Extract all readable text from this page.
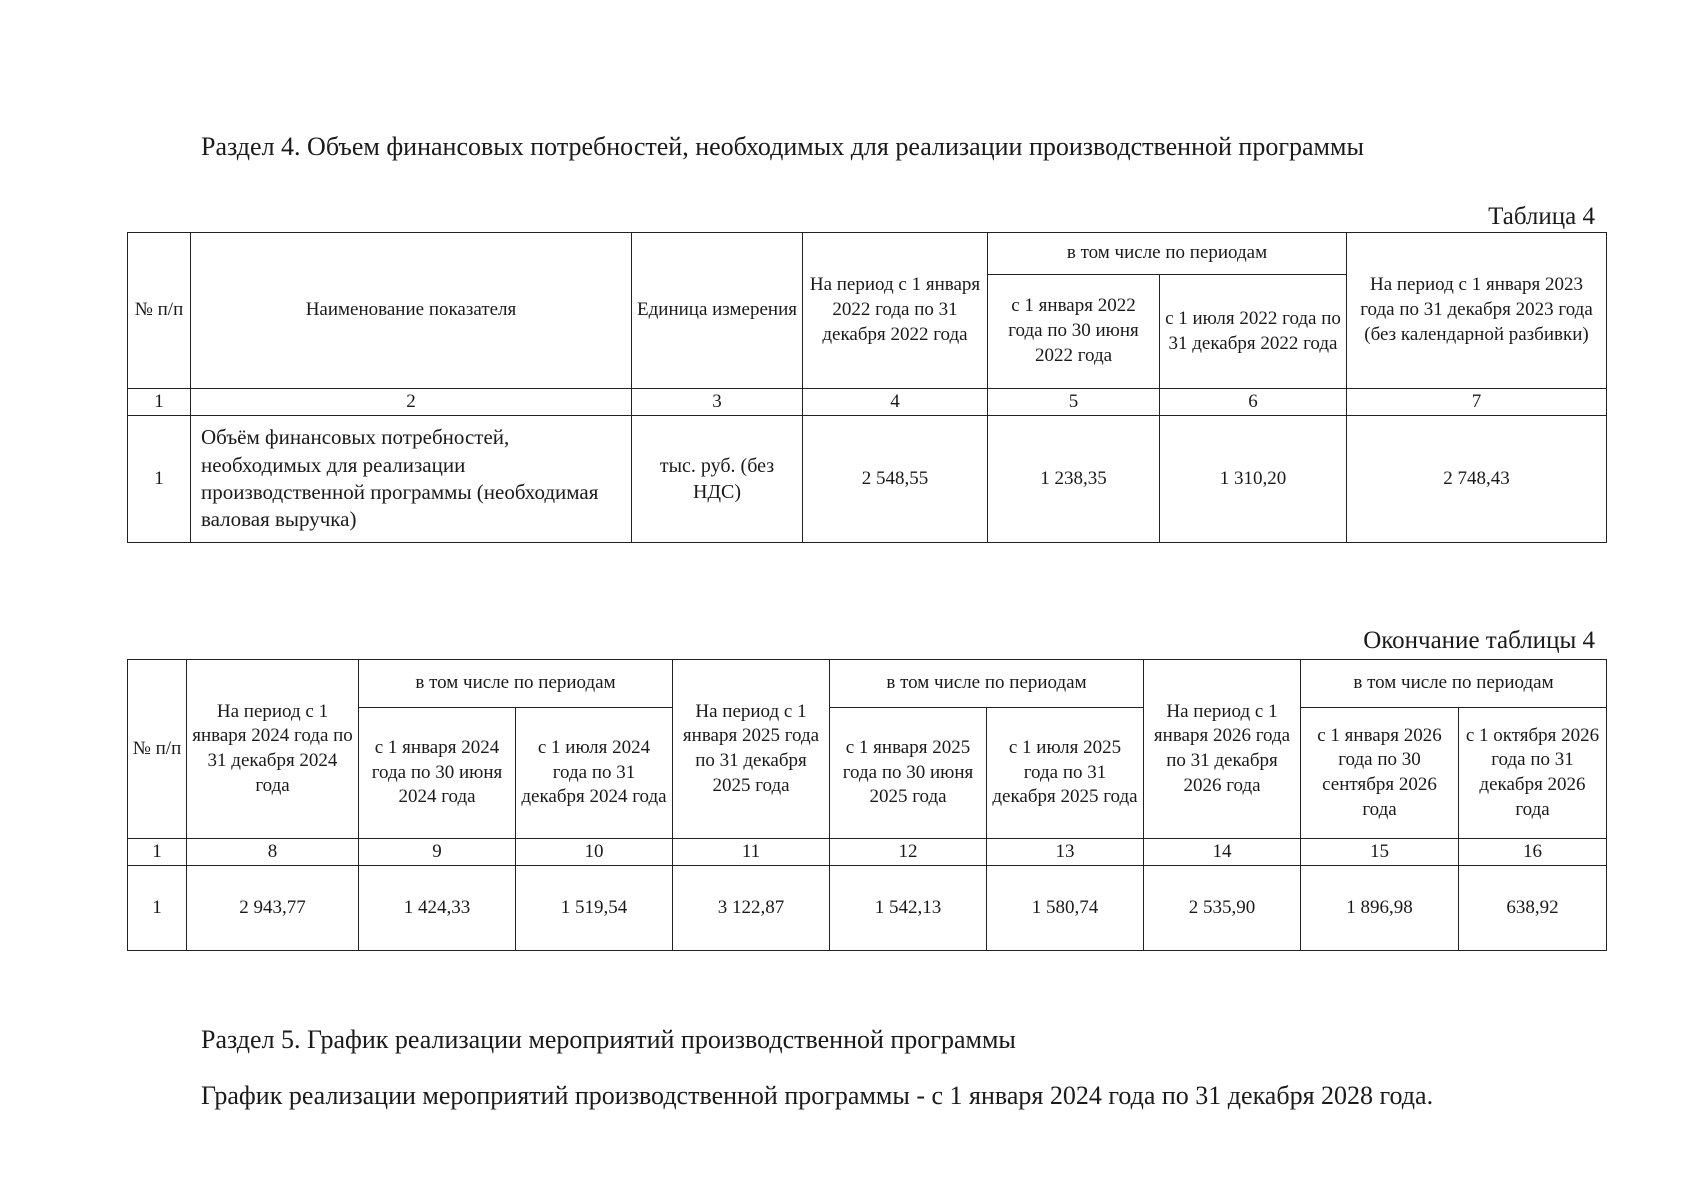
Раздел 4. Объем финансовых потребностей, необходимых для реализации производственной программы
Таблица 4
№ п/п	Наименование показателя	Единица измерения	На период с 1 января 2022 года по 31 декабря 2022 года	в том числе по периодам		На период с 1 января 2023 года по 31 декабря 2023 года (без календарной разбивки)
				с 1 января 2022 года по 30 июня 2022 года	с 1 июля 2022 года по 31 декабря 2022 года	
1	2	3	4	5	6	7
1	Объём финансовых потребностей, необходимых для реализации производственной программы (необходимая валовая выручка)	тыс. руб. (без НДС)	2 548,55	1 238,35	1 310,20	2 748,43
Окончание таблицы 4
№ п/п	На период с 1 января 2024 года по 31 декабря 2024 года	в том числе по периодам		На период с 1 января 2025 года по 31 декабря 2025 года	в том числе по периодам		На период с 1 января 2026 года по 31 декабря 2026 года	в том числе по периодам	
		с 1 января 2024 года по 30 июня 2024 года	с 1 июля 2024 года по 31 декабря 2024 года		с 1 января 2025 года по 30 июня 2025 года	с 1 июля 2025 года по 31 декабря 2025 года		с 1 января 2026 года по 30 сентября 2026 года	с 1 октября 2026 года по 31 декабря 2026 года
1	8	9	10	11	12	13	14	15	16
1	2 943,77	1 424,33	1 519,54	3 122,87	1 542,13	1 580,74	2 535,90	1 896,98	638,92
Раздел 5. График реализации мероприятий производственной программы
График реализации мероприятий производственной программы - с 1 января 2024 года по 31 декабря 2028 года.
